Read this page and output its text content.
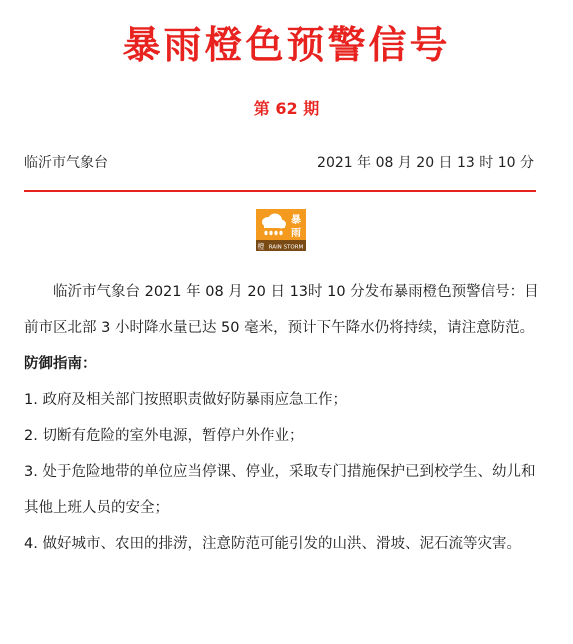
暴雨橙色预警信号
第 62 期
临沂市气象台	2021 年 08 月 20 日 13 时 10 分
暴
雨
橙 RAIN STORM

临沂市气象台 2021 年 08 月 20 日 13时 10 分发布暴雨橙色预警信号：目前市区北部 3 小时降水量已达 50 毫米，预计下午降水仍将持续，请注意防范。

防御指南：

1. 政府及相关部门按照职责做好防暴雨应急工作；

2. 切断有危险的室外电源，暂停户外作业；

3. 处于危险地带的单位应当停课、停业，采取专门措施保护已到校学生、幼儿和其他上班人员的安全；

4. 做好城市、农田的排涝，注意防范可能引发的山洪、滑坡、泥石流等灾害。
